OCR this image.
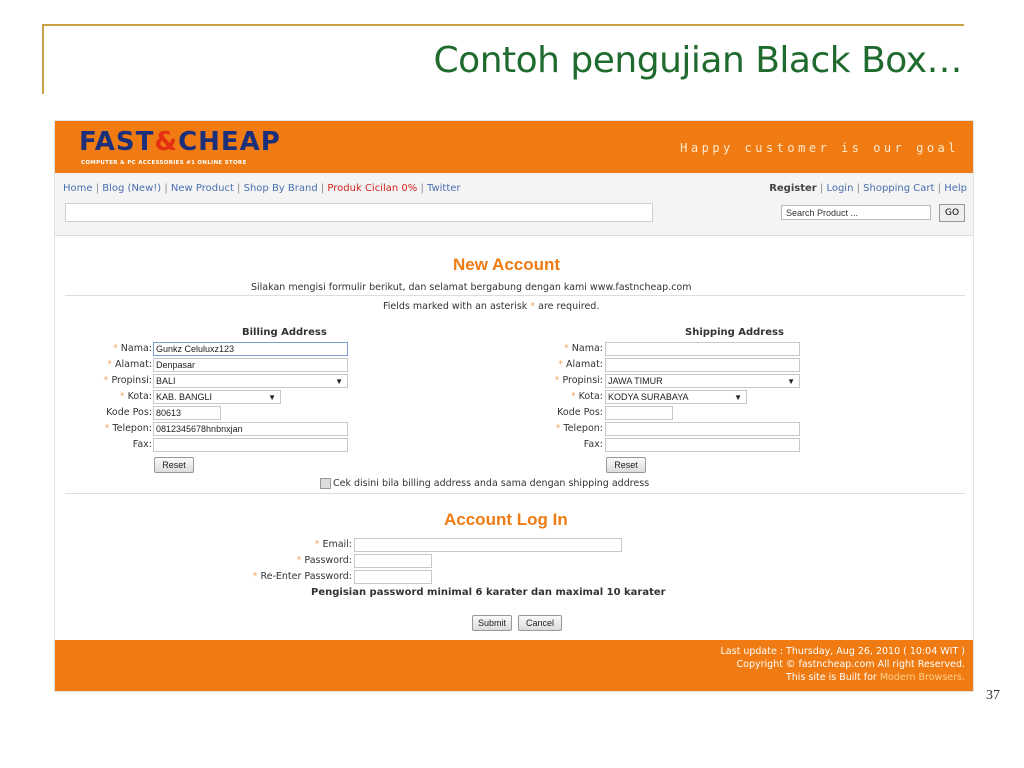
Contoh pengujian Black Box…
FAST&CHEAP
COMPUTER & PC ACCESSORIES #1 ONLINE STORE
Happy customer is our goal
Home | Blog (New!) | New Product | Shop By Brand | Produk Cicilan 0% | Twitter	Register | Login | Shopping Cart | Help
Search Product ...
GO
New Account
Silakan mengisi formulir berikut, dan selamat bergabung dengan kami www.fastncheap.com
Fields marked with an asterisk * are required.
Billing Address
* Nama: Gunkz Celuluxz123
* Alamat: Denpasar
* Propinsi: BALI	▼
* Kota: KAB. BANGLI	▼
Kode Pos: 80613
* Telepon: 0812345678hnbnxjan
Fax:
Reset
Shipping Address
* Nama:
* Alamat:
* Propinsi: JAWA TIMUR	▼
* Kota: KODYA SURABAYA	▼
Kode Pos:
* Telepon:
Fax:
Reset
Cek disini bila billing address anda sama dengan shipping address
Account Log In
* Email:
* Password:
* Re-Enter Password:
Pengisian password minimal 6 karater dan maximal 10 karater
Submit	Cancel
Last update : Thursday, Aug 26, 2010 ( 10:04 WIT )
Copyright © fastncheap.com All right Reserved.
This site is Built for Modern Browsers.
37
